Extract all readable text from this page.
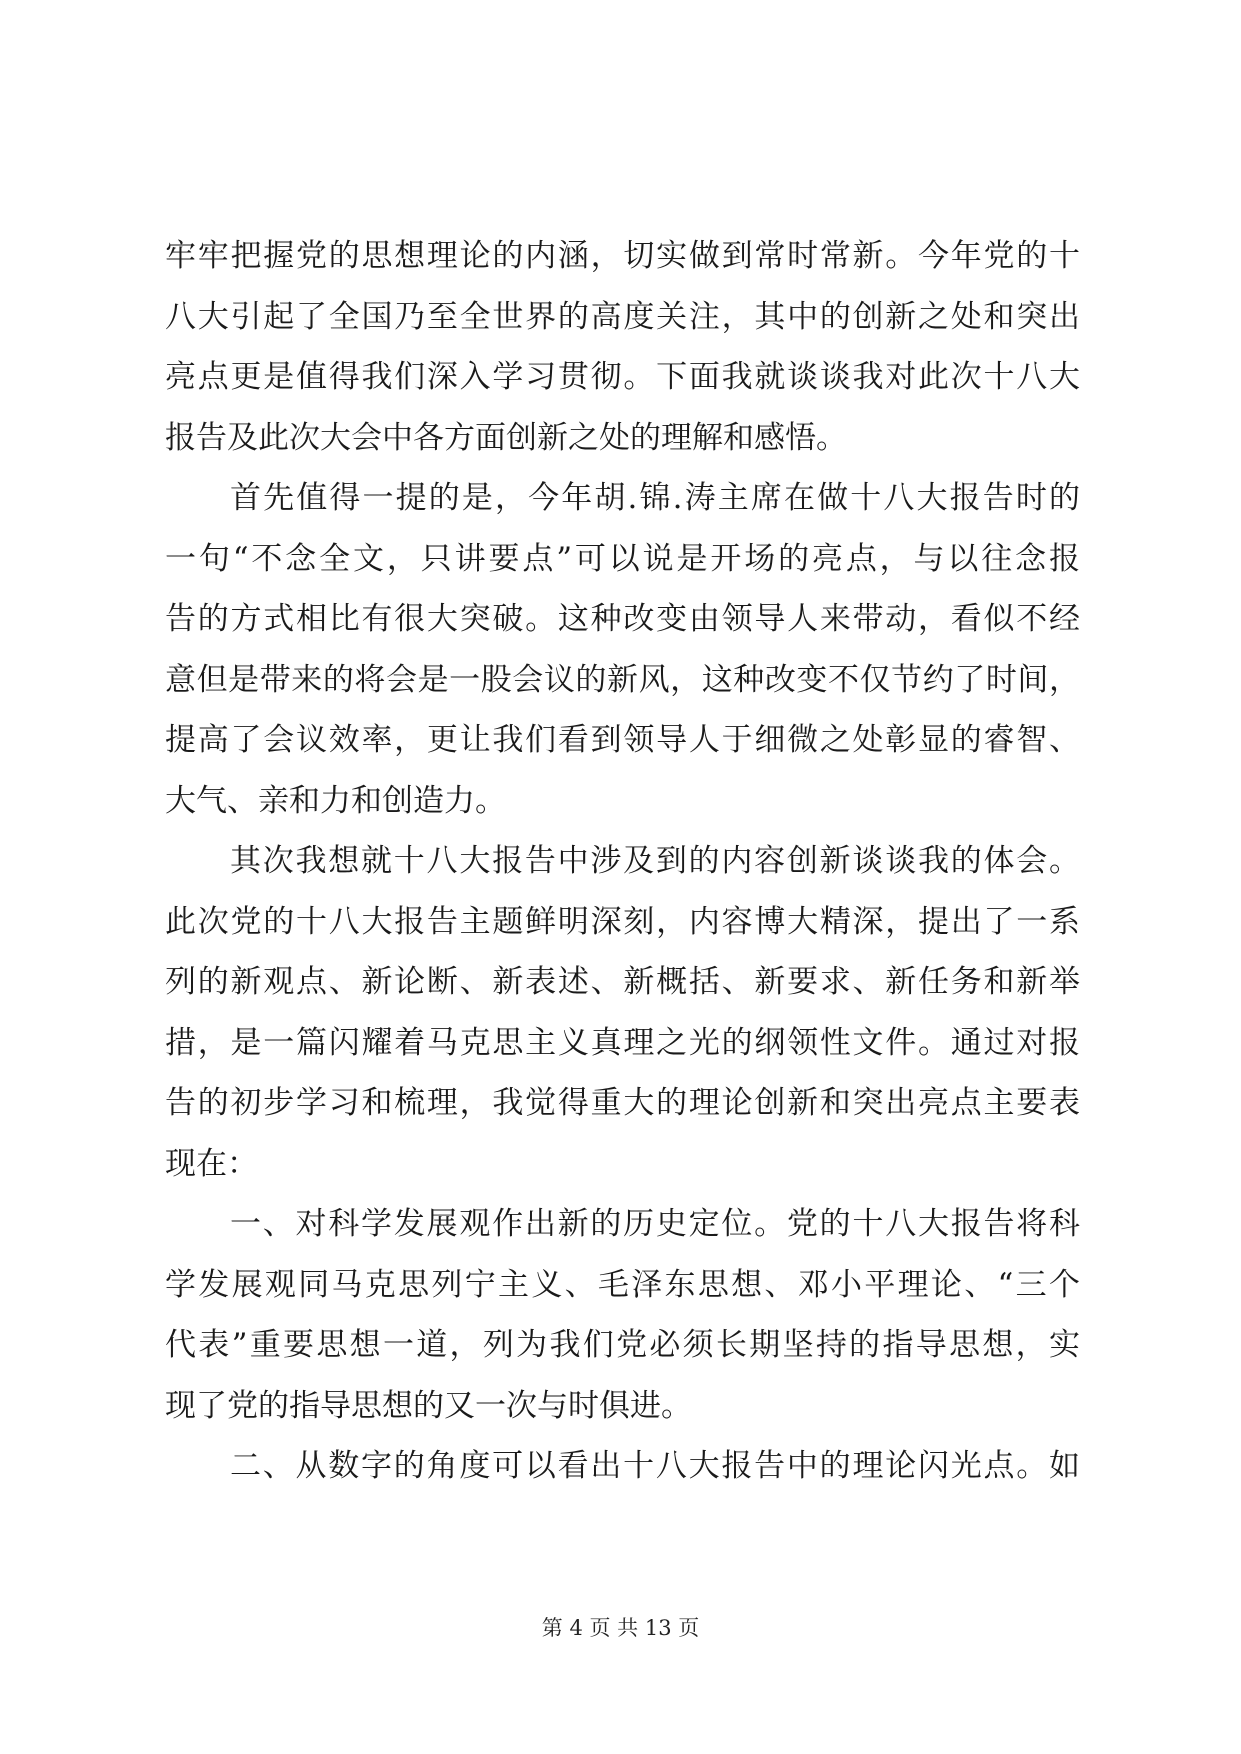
牢牢把握党的思想理论的内涵，切实做到常时常新。今年党的十
八大引起了全国乃至全世界的高度关注，其中的创新之处和突出
亮点更是值得我们深入学习贯彻。下面我就谈谈我对此次十八大
报告及此次大会中各方面创新之处的理解和感悟。
首先值得一提的是，今年胡.锦.涛主席在做十八大报告时的
一句“不念全文，只讲要点”可以说是开场的亮点，与以往念报
告的方式相比有很大突破。这种改变由领导人来带动，看似不经
意但是带来的将会是一股会议的新风，这种改变不仅节约了时间，
提高了会议效率，更让我们看到领导人于细微之处彰显的睿智、
大气、亲和力和创造力。
其次我想就十八大报告中涉及到的内容创新谈谈我的体会。
此次党的十八大报告主题鲜明深刻，内容博大精深，提出了一系
列的新观点、新论断、新表述、新概括、新要求、新任务和新举
措，是一篇闪耀着马克思主义真理之光的纲领性文件。通过对报
告的初步学习和梳理，我觉得重大的理论创新和突出亮点主要表
现在：
一、对科学发展观作出新的历史定位。党的十八大报告将科
学发展观同马克思列宁主义、毛泽东思想、邓小平理论、“三个
代表”重要思想一道，列为我们党必须长期坚持的指导思想，实
现了党的指导思想的又一次与时俱进。
二、从数字的角度可以看出十八大报告中的理论闪光点。如
第 4 页 共 13 页
